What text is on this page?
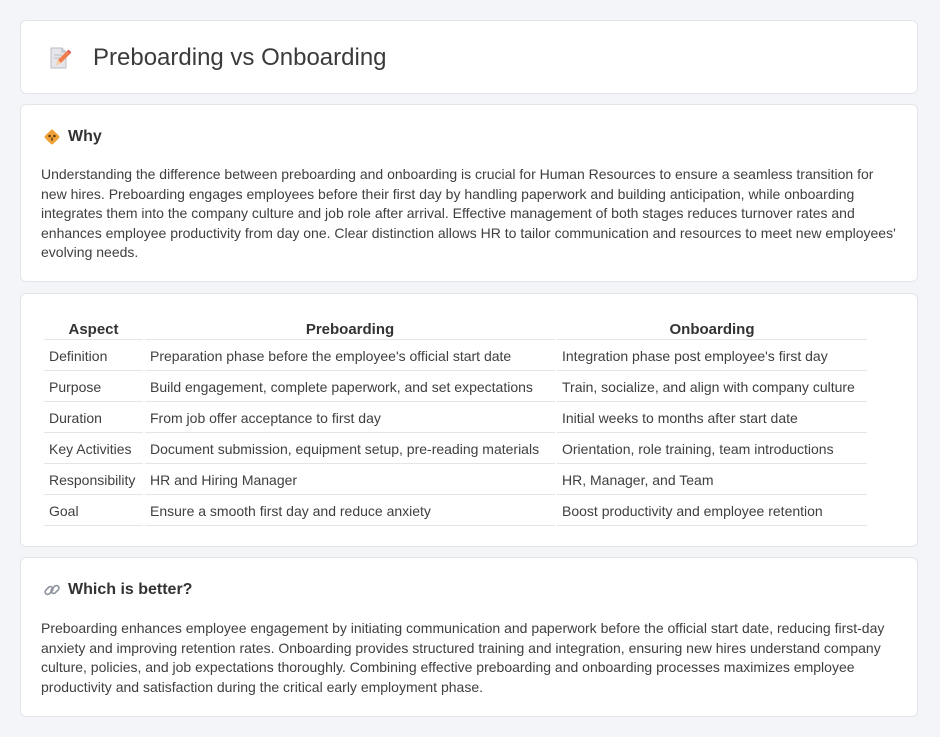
Preboarding vs Onboarding
Why

Understanding the difference between preboarding and onboarding is crucial for Human Resources to ensure a seamless transition for new hires. Preboarding engages employees before their first day by handling paperwork and building anticipation, while onboarding integrates them into the company culture and job role after arrival. Effective management of both stages reduces turnover rates and enhances employee productivity from day one. Clear distinction allows HR to tailor communication and resources to meet new employees' evolving needs.

Aspect	Preboarding	Onboarding
Definition	Preparation phase before the employee's official start date	Integration phase post employee's first day
Purpose	Build engagement, complete paperwork, and set expectations	Train, socialize, and align with company culture
Duration	From job offer acceptance to first day	Initial weeks to months after start date
Key Activities	Document submission, equipment setup, pre-reading materials	Orientation, role training, team introductions
Responsibility	HR and Hiring Manager	HR, Manager, and Team
Goal	Ensure a smooth first day and reduce anxiety	Boost productivity and employee retention
Which is better?

Preboarding enhances employee engagement by initiating communication and paperwork before the official start date, reducing first-day anxiety and improving retention rates. Onboarding provides structured training and integration, ensuring new hires understand company culture, policies, and job expectations thoroughly. Combining effective preboarding and onboarding processes maximizes employee productivity and satisfaction during the critical early employment phase.
